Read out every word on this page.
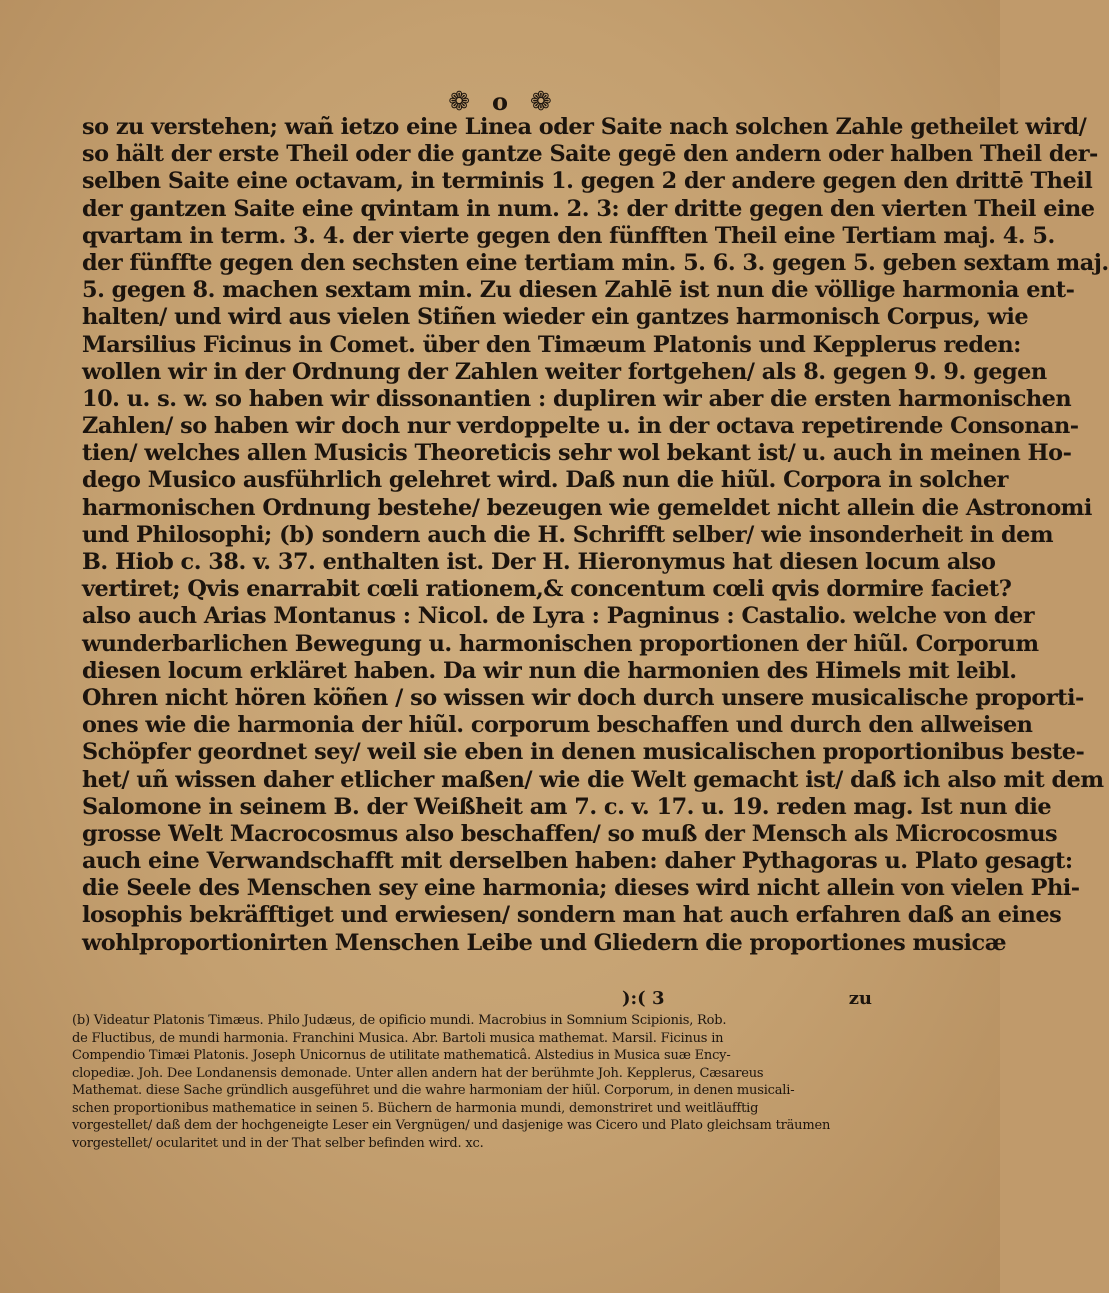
❁ o ❁
so zu verstehen; wañ ietzo eine Linea oder Saite nach solchen Zahle getheilet wird/
so hält der erste Theil oder die gantze Saite gegē den andern oder halben Theil der-
selben Saite eine octavam, in terminis 1. gegen 2 der andere gegen den drittē Theil
der gantzen Saite eine qvintam in num. 2. 3: der dritte gegen den vierten Theil eine
qvartam in term. 3. 4. der vierte gegen den fünfften Theil eine Tertiam maj. 4. 5.
der fünffte gegen den sechsten eine tertiam min. 5. 6. 3. gegen 5. geben sextam maj.
5. gegen 8. machen sextam min. Zu diesen Zahlē ist nun die völlige harmonia ent-
halten/ und wird aus vielen Stiñen wieder ein gantzes harmonisch Corpus, wie
Marsilius Ficinus in Comet. über den Timæum Platonis und Kepplerus reden:
wollen wir in der Ordnung der Zahlen weiter fortgehen/ als 8. gegen 9. 9. gegen
10. u. s. w. so haben wir dissonantien : dupliren wir aber die ersten harmonischen
Zahlen/ so haben wir doch nur verdoppelte u. in der octava repetirende Consonan-
tien/ welches allen Musicis Theoreticis sehr wol bekant ist/ u. auch in meinen Ho-
dego Musico ausführlich gelehret wird. Daß nun die hiũl. Corpora in solcher
harmonischen Ordnung bestehe/ bezeugen wie gemeldet nicht allein die Astronomi
und Philosophi; (b) sondern auch die H. Schrifft selber/ wie insonderheit in dem
B. Hiob c. 38. v. 37. enthalten ist. Der H. Hieronymus hat diesen locum also
vertiret; Qvis enarrabit cœli rationem,& concentum cœli qvis dormire faciet?
also auch Arias Montanus : Nicol. de Lyra : Pagninus : Castalio. welche von der
wunderbarlichen Bewegung u. harmonischen proportionen der hiũl. Corporum
diesen locum erkläret haben. Da wir nun die harmonien des Himels mit leibl.
Ohren nicht hören köñen / so wissen wir doch durch unsere musicalische proporti-
ones wie die harmonia der hiũl. corporum beschaffen und durch den allweisen
Schöpfer geordnet sey/ weil sie eben in denen musicalischen proportionibus beste-
het/ uñ wissen daher etlicher maßen/ wie die Welt gemacht ist/ daß ich also mit dem
Salomone in seinem B. der Weißheit am 7. c. v. 17. u. 19. reden mag. Ist nun die
grosse Welt Macrocosmus also beschaffen/ so muß der Mensch als Microcosmus
auch eine Verwandschafft mit derselben haben: daher Pythagoras u. Plato gesagt:
die Seele des Menschen sey eine harmonia; dieses wird nicht allein von vielen Phi-
losophis bekräfftiget und erwiesen/ sondern man hat auch erfahren daß an eines
wohlproportionirten Menschen Leibe und Gliedern die proportiones musicæ
):( 3	zu
(b) Videatur Platonis Timæus. Philo Judæus, de opificio mundi. Macrobius in Somnium Scipionis, Rob.
de Fluctibus, de mundi harmonia. Franchini Musica. Abr. Bartoli musica mathemat. Marsil. Ficinus in
Compendio Timæi Platonis. Joseph Unicornus de utilitate mathematicâ. Alstedius in Musica suæ Ency-
clopediæ. Joh. Dee Londanensis demonade. Unter allen andern hat der berühmte Joh. Kepplerus, Cæsareus
Mathemat. diese Sache gründlich ausgeführet und die wahre harmoniam der hiũl. Corporum, in denen musicali-
schen proportionibus mathematice in seinen 5. Büchern de harmonia mundi, demonstriret und weitläufftig
vorgestellet/ daß dem der hochgeneigte Leser ein Vergnügen/ und dasjenige was Cicero und Plato gleichsam träumen
vorgestellet/ ocularitet und in der That selber befinden wird. xc.
